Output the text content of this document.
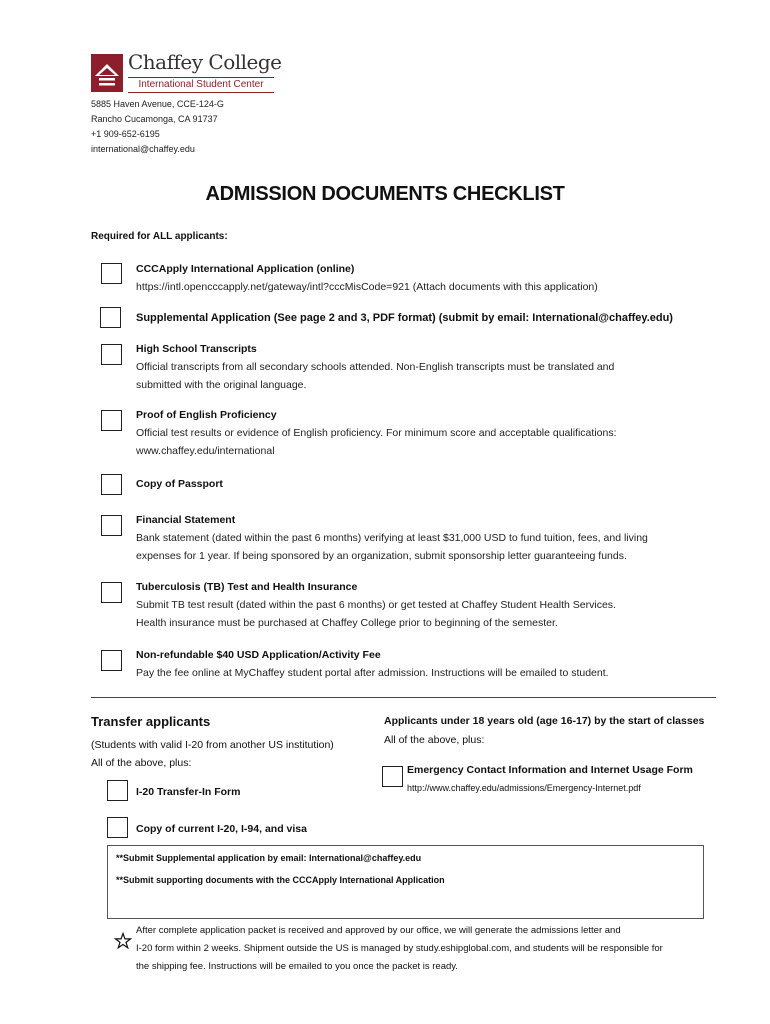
Chaffey College
International Student Center
5885 Haven Avenue, CCE-124-G
Rancho Cucamonga, CA 91737
+1 909-652-6195
international@chaffey.edu
ADMISSION DOCUMENTS CHECKLIST
Required for ALL applicants:
CCCApply International Application (online)
https://intl.opencccapply.net/gateway/intl?cccMisCode=921 (Attach documents with this application)
Supplemental Application (See page 2 and 3, PDF format) (submit by email: International@chaffey.edu)
High School Transcripts
Official transcripts from all secondary schools attended. Non-English transcripts must be translated and
submitted with the original language.
Proof of English Proficiency
Official test results or evidence of English proficiency. For minimum score and acceptable qualifications:
www.chaffey.edu/international
Copy of Passport
Financial Statement
Bank statement (dated within the past 6 months) verifying at least $31,000 USD to fund tuition, fees, and living
expenses for 1 year. If being sponsored by an organization, submit sponsorship letter guaranteeing funds.
Tuberculosis (TB) Test and Health Insurance
Submit TB test result (dated within the past 6 months) or get tested at Chaffey Student Health Services.
Health insurance must be purchased at Chaffey College prior to beginning of the semester.
Non-refundable $40 USD Application/Activity Fee
Pay the fee online at MyChaffey student portal after admission. Instructions will be emailed to student.
Transfer applicants
(Students with valid I-20 from another US institution)
All of the above, plus:
I-20 Transfer-In Form
Copy of current I-20, I-94, and visa
Applicants under 18 years old (age 16-17) by the start of classes
All of the above, plus:
Emergency Contact Information and Internet Usage Form
http://www.chaffey.edu/admissions/Emergency-Internet.pdf
**Submit Supplemental application by email: International@chaffey.edu
**Submit supporting documents with the CCCApply International Application
After complete application packet is received and approved by our office, we will generate the admissions letter and
I-20 form within 2 weeks. Shipment outside the US is managed by study.eshipglobal.com, and students will be responsible for
the shipping fee. Instructions will be emailed to you once the packet is ready.
